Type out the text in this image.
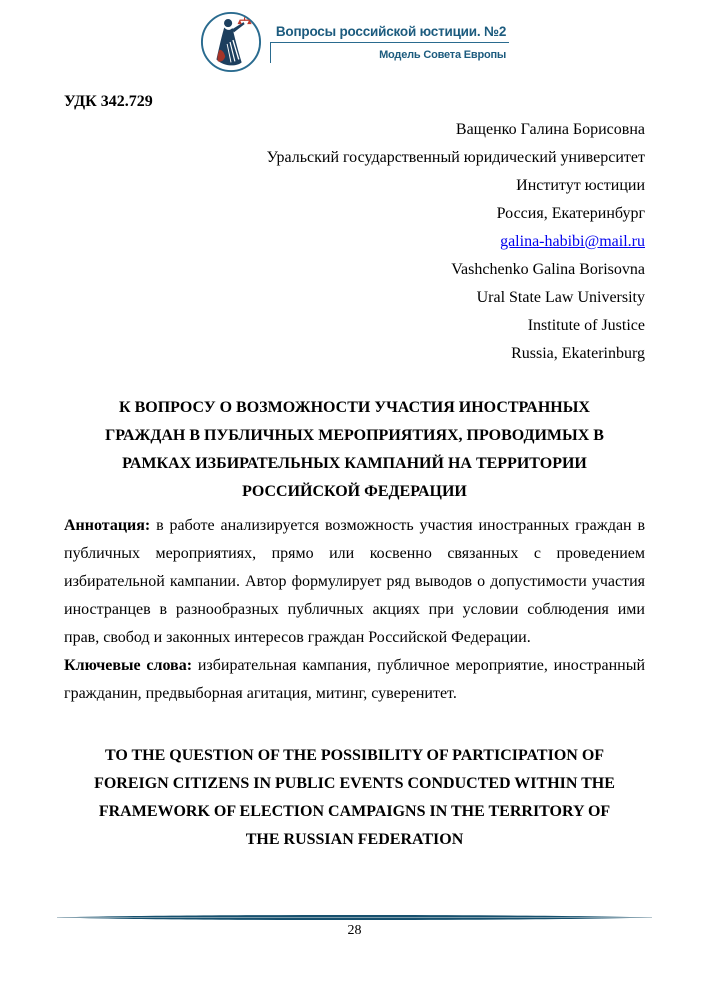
Вопросы российской юстиции. №2
Модель Совета Европы

УДК 342.729

Ващенко Галина Борисовна
Уральский государственный юридический университет
Институт юстиции
Россия, Екатеринбург
galina-habibi@mail.ru
Vashchenko Galina Borisovna
Ural State Law University
Institute of Justice
Russia, Ekaterinburg
К ВОПРОСУ О ВОЗМОЖНОСТИ УЧАСТИЯ ИНОСТРАННЫХ
ГРАЖДАН В ПУБЛИЧНЫХ МЕРОПРИЯТИЯХ, ПРОВОДИМЫХ В
РАМКАХ ИЗБИРАТЕЛЬНЫХ КАМПАНИЙ НА ТЕРРИТОРИИ
РОССИЙСКОЙ ФЕДЕРАЦИИ

Аннотация: в работе анализируется возможность участия иностранных граждан в публичных мероприятиях, прямо или косвенно связанных с проведением избирательной кампании. Автор формулирует ряд выводов о допустимости участия иностранцев в разнообразных публичных акциях при условии соблюдения ими прав, свобод и законных интересов граждан Российской Федерации.

Ключевые слова: избирательная кампания, публичное мероприятие, иностранный гражданин, предвыборная агитация, митинг, суверенитет.

TO THE QUESTION OF THE POSSIBILITY OF PARTICIPATION OF
FOREIGN CITIZENS IN PUBLIC EVENTS CONDUCTED WITHIN THE
FRAMEWORK OF ELECTION CAMPAIGNS IN THE TERRITORY OF
THE RUSSIAN FEDERATION
28
